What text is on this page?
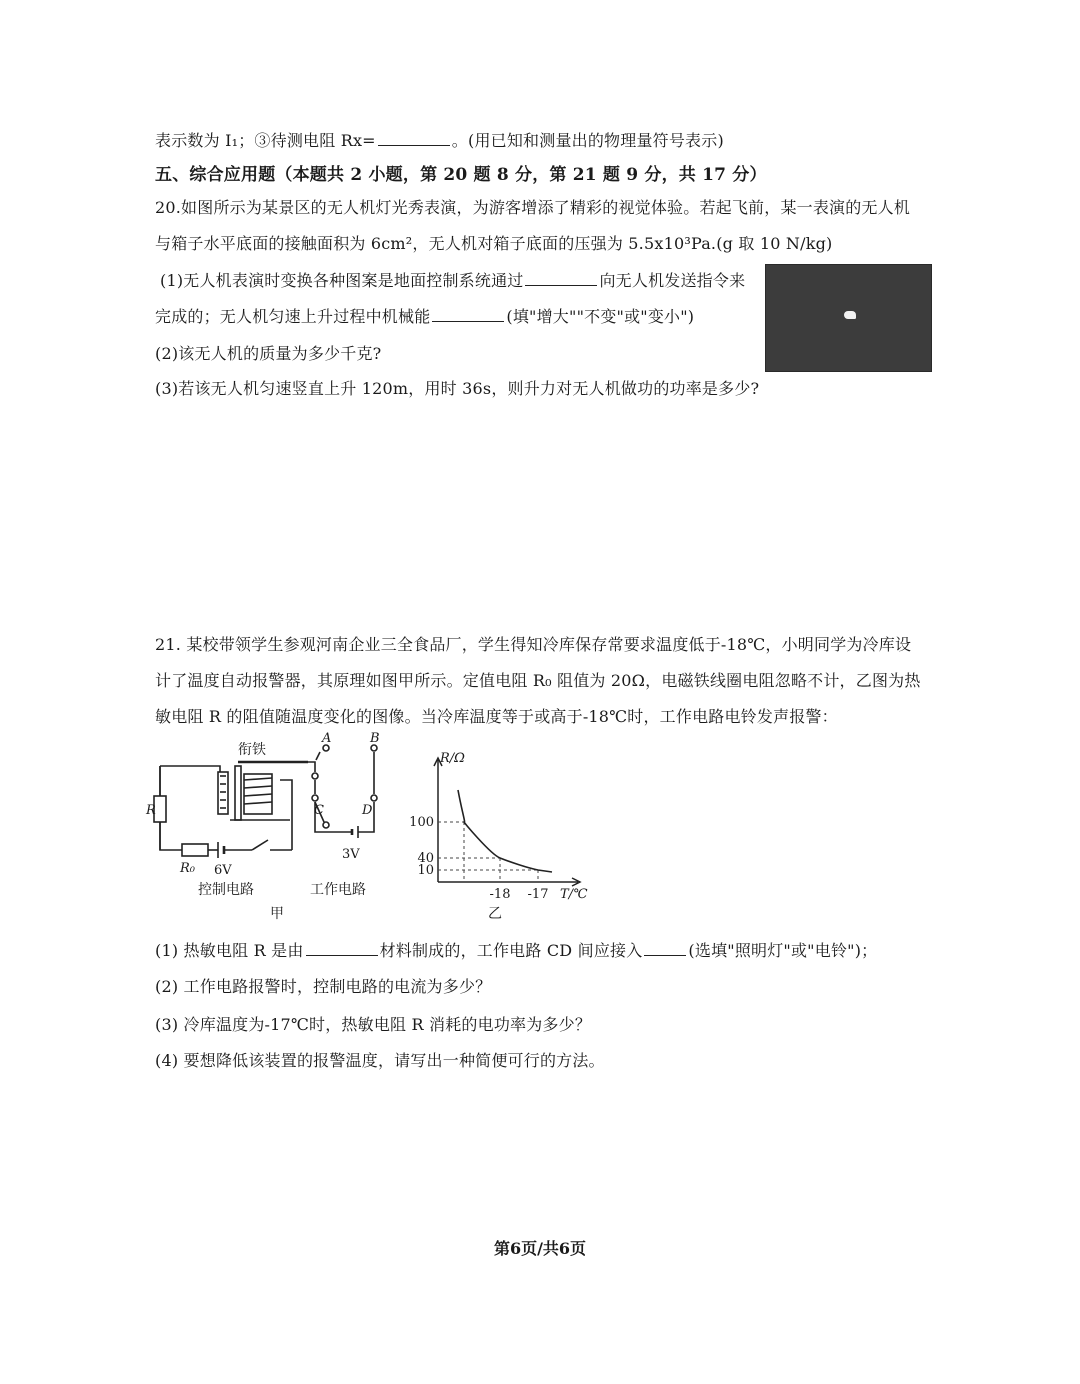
表示数为 I₁；③待测电阻 Rx=	。(用已知和测量出的物理量符号表示)
五、综合应用题（本题共 2 小题，第 20 题 8 分，第 21 题 9 分，共 17 分）
20.如图所示为某景区的无人机灯光秀表演，为游客增添了精彩的视觉体验。若起飞前，某一表演的无人机
与箱子水平底面的接触面积为 6cm²，无人机对箱子底面的压强为 5.5x10³Pa.(g 取 10 N/kg)
(1)无人机表演时变换各种图案是地面控制系统通过	向无人机发送指令来
完成的；无人机匀速上升过程中机械能	(填"增大""不变"或"变小")
(2)该无人机的质量为多少千克?
(3)若该无人机匀速竖直上升 120m，用时 36s，则升力对无人机做功的功率是多少?
21. 某校带领学生参观河南企业三全食品厂，学生得知冷库保存常要求温度低于-18℃，小明同学为冷库设
计了温度自动报警器，其原理如图甲所示。定值电阻 R₀ 阻值为 20Ω，电磁铁线圈电阻忽略不计，乙图为热
敏电阻 R 的阻值随温度变化的图像。当冷库温度等于或高于-18℃时，工作电路电铃发声报警：
衔铁
A	B
C	D
R
R₀ 6V
3V
控制电路	工作电路
甲
10
40
100
-18 -17
R/Ω
T/℃
乙
(1) 热敏电阻 R 是由	材料制成的，工作电路 CD 间应接入	(选填"照明灯"或"电铃")；
(2) 工作电路报警时，控制电路的电流为多少？
(3) 冷库温度为-17℃时，热敏电阻 R 消耗的电功率为多少？
(4) 要想降低该装置的报警温度，请写出一种简便可行的方法。
第6页/共6页
